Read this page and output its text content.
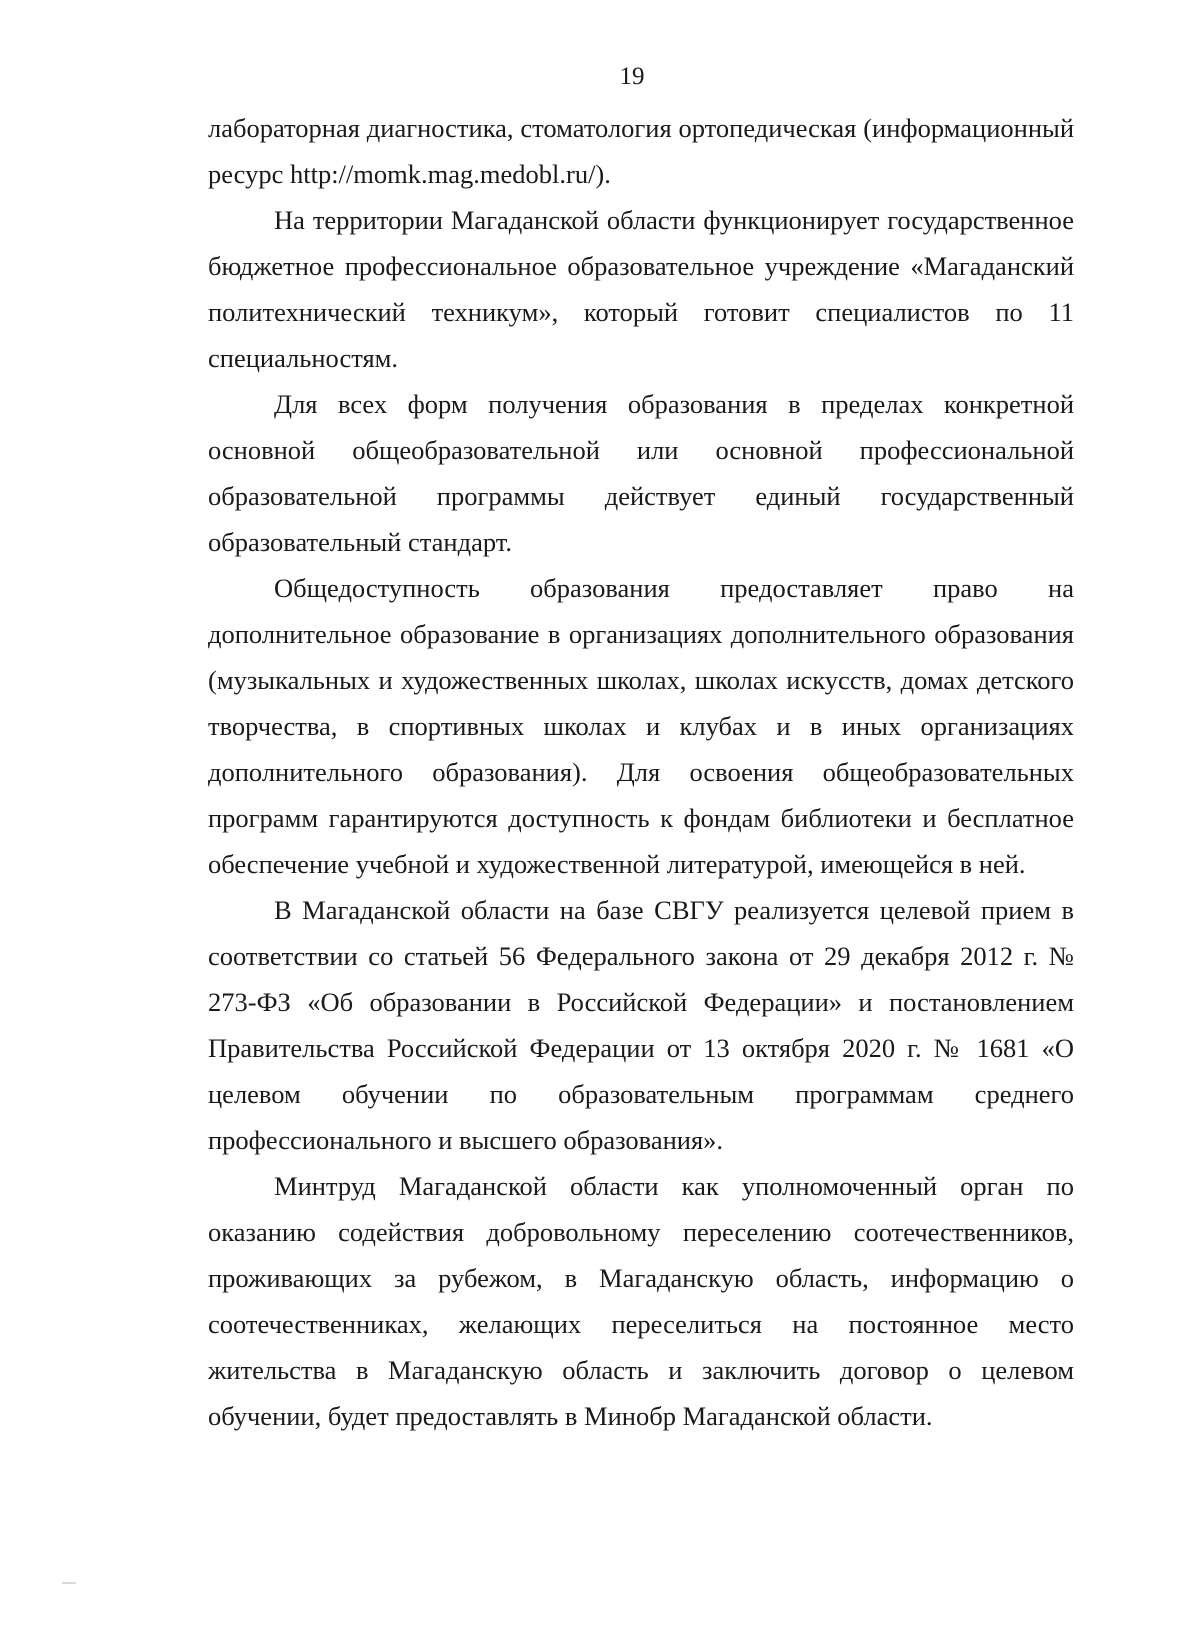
19

лабораторная диагностика, стоматология ортопедическая (информационный ресурс http://momk.mag.medobl.ru/).

На территории Магаданской области функционирует государственное бюджетное профессиональное образовательное учреждение «Магаданский политехнический техникум», который готовит специалистов по 11 специальностям.

Для всех форм получения образования в пределах конкретной основной общеобразовательной или основной профессиональной образовательной программы действует единый государственный образовательный стандарт.

Общедоступность образования предоставляет право на дополнительное образование в организациях дополнительного образования (музыкальных и художественных школах, школах искусств, домах детского творчества, в спортивных школах и клубах и в иных организациях дополнительного образования). Для освоения общеобразовательных программ гарантируются доступность к фондам библиотеки и бесплатное обеспечение учебной и художественной литературой, имеющейся в ней.

В Магаданской области на базе СВГУ реализуется целевой прием в соответствии со статьей 56 Федерального закона от 29 декабря 2012 г. № 273-ФЗ «Об образовании в Российской Федерации» и постановлением Правительства Российской Федерации от 13 октября 2020 г. № 1681 «О целевом обучении по образовательным программам среднего профессионального и высшего образования».

Минтруд Магаданской области как уполномоченный орган по оказанию содействия добровольному переселению соотечественников, проживающих за рубежом, в Магаданскую область, информацию о соотечественниках, желающих переселиться на постоянное место жительства в Магаданскую область и заключить договор о целевом обучении, будет предоставлять в Минобр Магаданской области.
